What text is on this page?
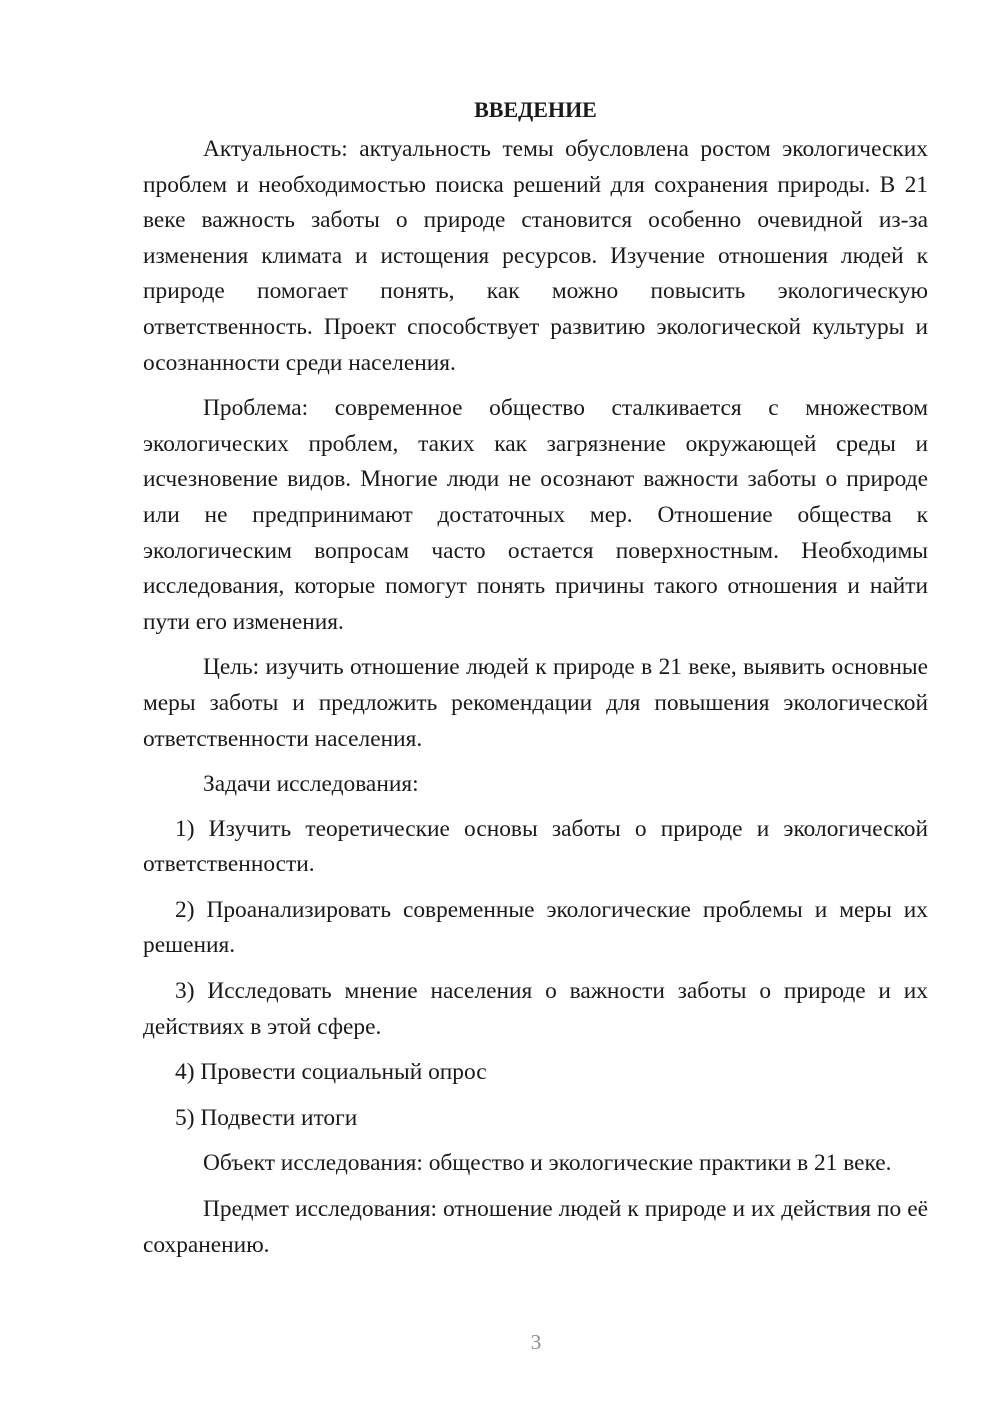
ВВЕДЕНИЕ

Актуальность: актуальность темы обусловлена ростом экологических проблем и необходимостью поиска решений для сохранения природы. В 21 веке важность заботы о природе становится особенно очевидной из-за изменения климата и истощения ресурсов. Изучение отношения людей к природе помогает понять, как можно повысить экологическую ответственность. Проект способствует развитию экологической культуры и осознанности среди населения.

Проблема: современное общество сталкивается с множеством экологических проблем, таких как загрязнение окружающей среды и исчезновение видов. Многие люди не осознают важности заботы о природе или не предпринимают достаточных мер. Отношение общества к экологическим вопросам часто остается поверхностным. Необходимы исследования, которые помогут понять причины такого отношения и найти пути его изменения.

Цель: изучить отношение людей к природе в 21 веке, выявить основные меры заботы и предложить рекомендации для повышения экологической ответственности населения.

Задачи исследования:

1) Изучить теоретические основы заботы о природе и экологической ответственности.

2) Проанализировать современные экологические проблемы и меры их решения.

3) Исследовать мнение населения о важности заботы о природе и их действиях в этой сфере.

4) Провести социальный опрос

5) Подвести итоги

Объект исследования: общество и экологические практики в 21 веке.

Предмет исследования: отношение людей к природе и их действия по её сохранению.

3
